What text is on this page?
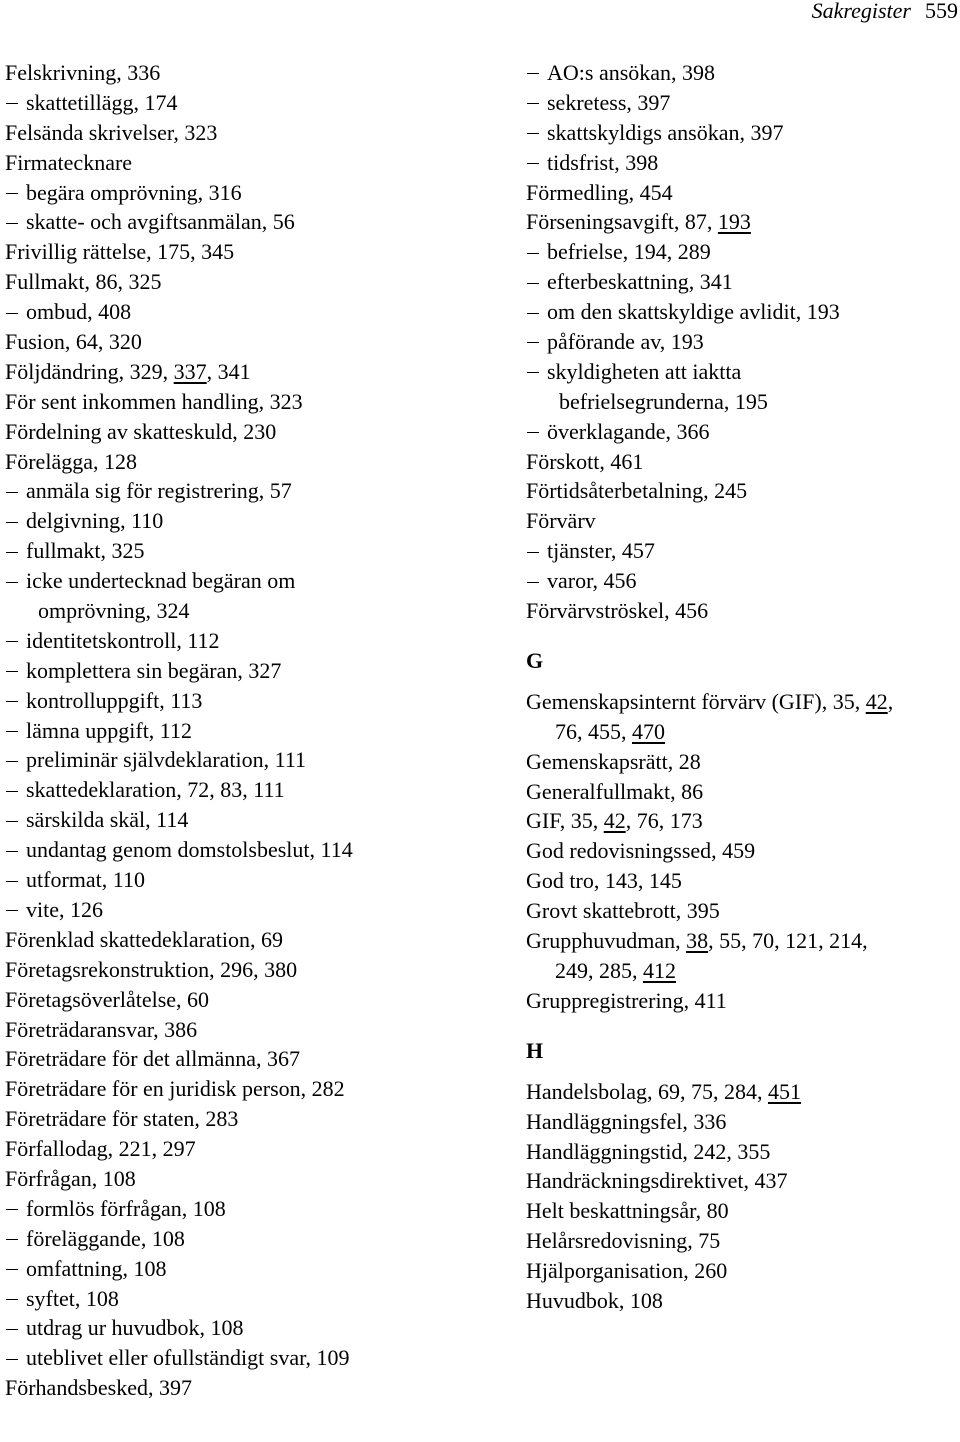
Sakregister 559
Felskrivning, 336
skattetillägg, 174
Felsända skrivelser, 323
Firmatecknare
begära omprövning, 316
skatte- och avgiftsanmälan, 56
Frivillig rättelse, 175, 345
Fullmakt, 86, 325
ombud, 408
Fusion, 64, 320
Följdändring, 329, 337, 341
För sent inkommen handling, 323
Fördelning av skatteskuld, 230
Förelägga, 128
anmäla sig för registrering, 57
delgivning, 110
fullmakt, 325
icke undertecknad begäran om
omprövning, 324
identitetskontroll, 112
komplettera sin begäran, 327
kontrolluppgift, 113
lämna uppgift, 112
preliminär självdeklaration, 111
skattedeklaration, 72, 83, 111
särskilda skäl, 114
undantag genom domstolsbeslut, 114
utformat, 110
vite, 126
Förenklad skattedeklaration, 69
Företagsrekonstruktion, 296, 380
Företagsöverlåtelse, 60
Företrädaransvar, 386
Företrädare för det allmänna, 367
Företrädare för en juridisk person, 282
Företrädare för staten, 283
Förfallodag, 221, 297
Förfrågan, 108
formlös förfrågan, 108
föreläggande, 108
omfattning, 108
syftet, 108
utdrag ur huvudbok, 108
uteblivet eller ofullständigt svar, 109
Förhandsbesked, 397
AO:s ansökan, 398
sekretess, 397
skattskyldigs ansökan, 397
tidsfrist, 398
Förmedling, 454
Förseningsavgift, 87, 193
befrielse, 194, 289
efterbeskattning, 341
om den skattskyldige avlidit, 193
påförande av, 193
skyldigheten att iaktta
befrielsegrunderna, 195
överklagande, 366
Förskott, 461
Förtidsåterbetalning, 245
Förvärv
tjänster, 457
varor, 456
Förvärvströskel, 456
G
Gemenskapsinternt förvärv (GIF), 35, 42,
76, 455, 470
Gemenskapsrätt, 28
Generalfullmakt, 86
GIF, 35, 42, 76, 173
God redovisningssed, 459
God tro, 143, 145
Grovt skattebrott, 395
Grupphuvudman, 38, 55, 70, 121, 214,
249, 285, 412
Gruppregistrering, 411
H
Handelsbolag, 69, 75, 284, 451
Handläggningsfel, 336
Handläggningstid, 242, 355
Handräckningsdirektivet, 437
Helt beskattningsår, 80
Helårsredovisning, 75
Hjälporganisation, 260
Huvudbok, 108
